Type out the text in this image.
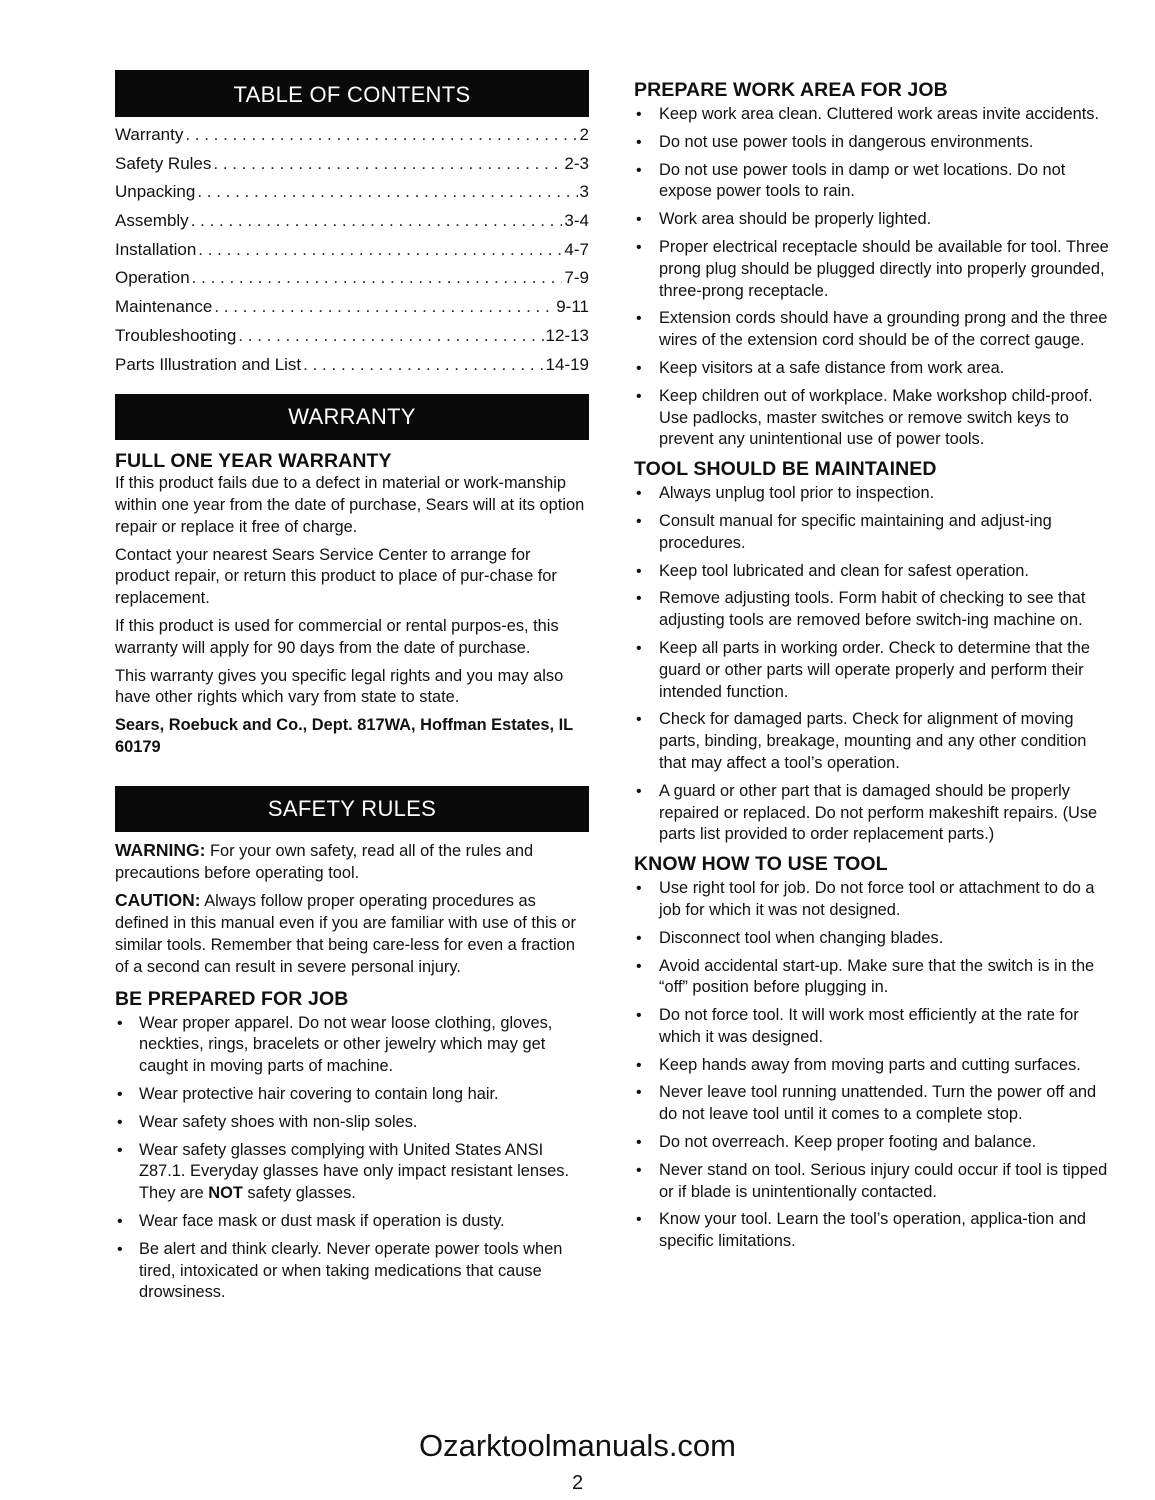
TABLE OF CONTENTS
Warranty . . .	2
Safety Rules . . .	2-3
Unpacking . . .	3
Assembly . . .	3-4
Installation . . .	4-7
Operation . . .	7-9
Maintenance . . .	9-11
Troubleshooting . . .	12-13
Parts Illustration and List . . .	14-19
WARRANTY
FULL ONE YEAR WARRANTY

If this product fails due to a defect in material or work-manship within one year from the date of purchase, Sears will at its option repair or replace it free of charge.

Contact your nearest Sears Service Center to arrange for product repair, or return this product to place of pur-chase for replacement.

If this product is used for commercial or rental purpos-es, this warranty will apply for 90 days from the date of purchase.

This warranty gives you specific legal rights and you may also have other rights which vary from state to state.

Sears, Roebuck and Co., Dept. 817WA, Hoffman Estates, IL 60179

SAFETY RULES

WARNING: For your own safety, read all of the rules and precautions before operating tool.

CAUTION: Always follow proper operating procedures as defined in this manual even if you are familiar with use of this or similar tools. Remember that being care-less for even a fraction of a second can result in severe personal injury.

BE PREPARED FOR JOB
• Wear proper apparel. Do not wear loose clothing, gloves, neckties, rings, bracelets or other jewelry which may get caught in moving parts of machine.
• Wear protective hair covering to contain long hair.
• Wear safety shoes with non-slip soles.
• Wear safety glasses complying with United States ANSI Z87.1. Everyday glasses have only impact resistant lenses. They are NOT safety glasses.
• Wear face mask or dust mask if operation is dusty.
• Be alert and think clearly. Never operate power tools when tired, intoxicated or when taking medications that cause drowsiness.
PREPARE WORK AREA FOR JOB
• Keep work area clean. Cluttered work areas invite accidents.
• Do not use power tools in dangerous environments.
• Do not use power tools in damp or wet locations. Do not expose power tools to rain.
• Work area should be properly lighted.
• Proper electrical receptacle should be available for tool. Three prong plug should be plugged directly into properly grounded, three-prong receptacle.
• Extension cords should have a grounding prong and the three wires of the extension cord should be of the correct gauge.
• Keep visitors at a safe distance from work area.
• Keep children out of workplace. Make workshop child-proof. Use padlocks, master switches or remove switch keys to prevent any unintentional use of power tools.
TOOL SHOULD BE MAINTAINED
• Always unplug tool prior to inspection.
• Consult manual for specific maintaining and adjust-ing procedures.
• Keep tool lubricated and clean for safest operation.
• Remove adjusting tools. Form habit of checking to see that adjusting tools are removed before switch-ing machine on.
• Keep all parts in working order. Check to determine that the guard or other parts will operate properly and perform their intended function.
• Check for damaged parts. Check for alignment of moving parts, binding, breakage, mounting and any other condition that may affect a tool’s operation.
• A guard or other part that is damaged should be properly repaired or replaced. Do not perform makeshift repairs. (Use parts list provided to order replacement parts.)
KNOW HOW TO USE TOOL
• Use right tool for job. Do not force tool or attachment to do a job for which it was not designed.
• Disconnect tool when changing blades.
• Avoid accidental start-up. Make sure that the switch is in the “off” position before plugging in.
• Do not force tool. It will work most efficiently at the rate for which it was designed.
• Keep hands away from moving parts and cutting surfaces.
• Never leave tool running unattended. Turn the power off and do not leave tool until it comes to a complete stop.
• Do not overreach. Keep proper footing and balance.
• Never stand on tool. Serious injury could occur if tool is tipped or if blade is unintentionally contacted.
• Know your tool. Learn the tool’s operation, applica-tion and specific limitations.
Ozarktoolmanuals.com
2
